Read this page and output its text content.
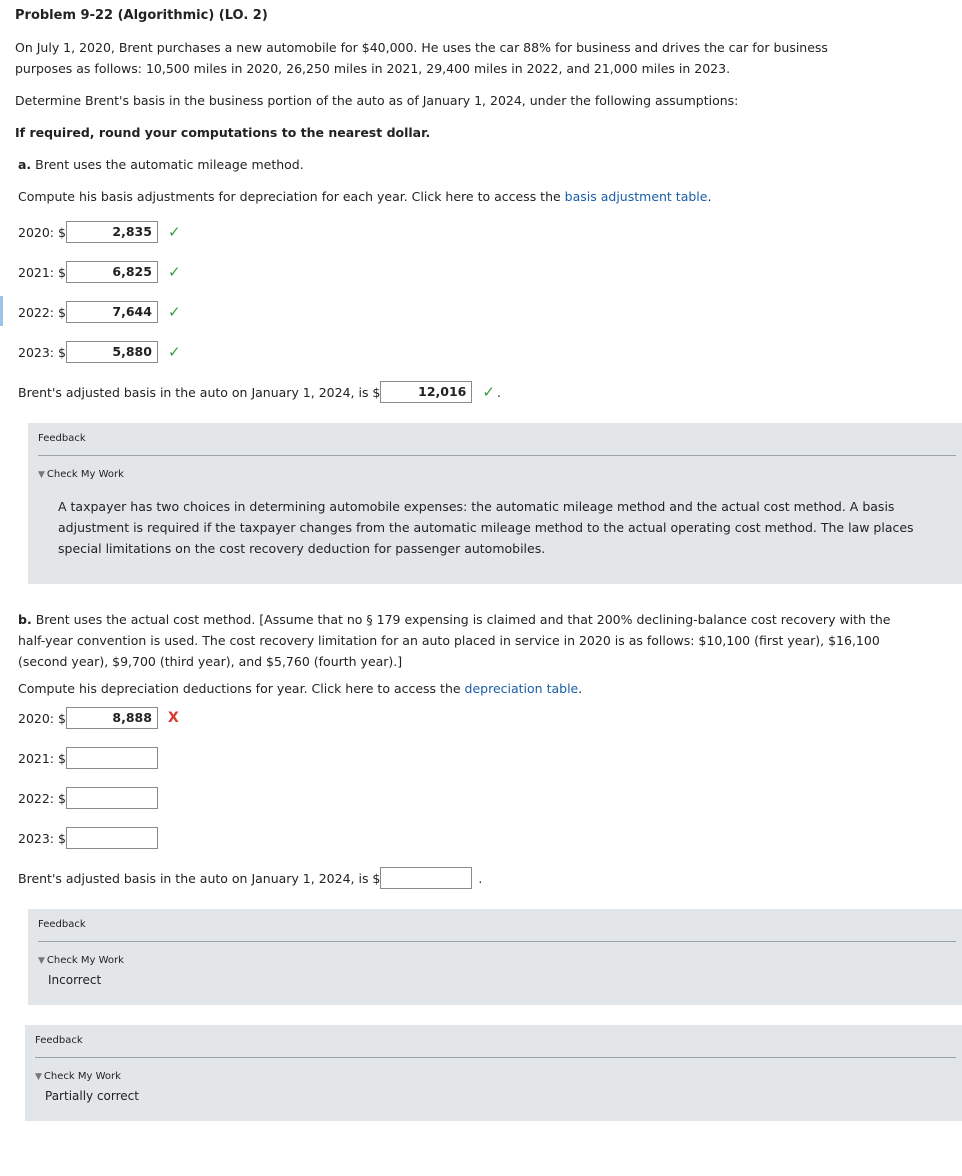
Problem 9-22 (Algorithmic) (LO. 2)
On July 1, 2020, Brent purchases a new automobile for $40,000. He uses the car 88% for business and drives the car for business
purposes as follows: 10,500 miles in 2020, 26,250 miles in 2021, 29,400 miles in 2022, and 21,000 miles in 2023.
Determine Brent's basis in the business portion of the auto as of January 1, 2024, under the following assumptions:
If required, round your computations to the nearest dollar.
a. Brent uses the automatic mileage method.
Compute his basis adjustments for depreciation for each year. Click here to access the basis adjustment table.
2020: $	2,835	✓
2021: $	6,825	✓
2022: $	7,644	✓
2023: $	5,880	✓
Brent's adjusted basis in the auto on January 1, 2024, is $	12,016	✓ .
Feedback
▼ Check My Work
A taxpayer has two choices in determining automobile expenses: the automatic mileage method and the actual cost method. A basis adjustment is required if the taxpayer changes from the automatic mileage method to the actual operating cost method. The law places special limitations on the cost recovery deduction for passenger automobiles.
b. Brent uses the actual cost method. [Assume that no § 179 expensing is claimed and that 200% declining-balance cost recovery with the
half-year convention is used. The cost recovery limitation for an auto placed in service in 2020 is as follows: $10,100 (first year), $16,100
(second year), $9,700 (third year), and $5,760 (fourth year).]
Compute his depreciation deductions for year. Click here to access the depreciation table.
2020: $	8,888	X
2021: $
2022: $
2023: $
Brent's adjusted basis in the auto on January 1, 2024, is $	.
Feedback
▼ Check My Work
Incorrect
Feedback
▼ Check My Work
Partially correct
